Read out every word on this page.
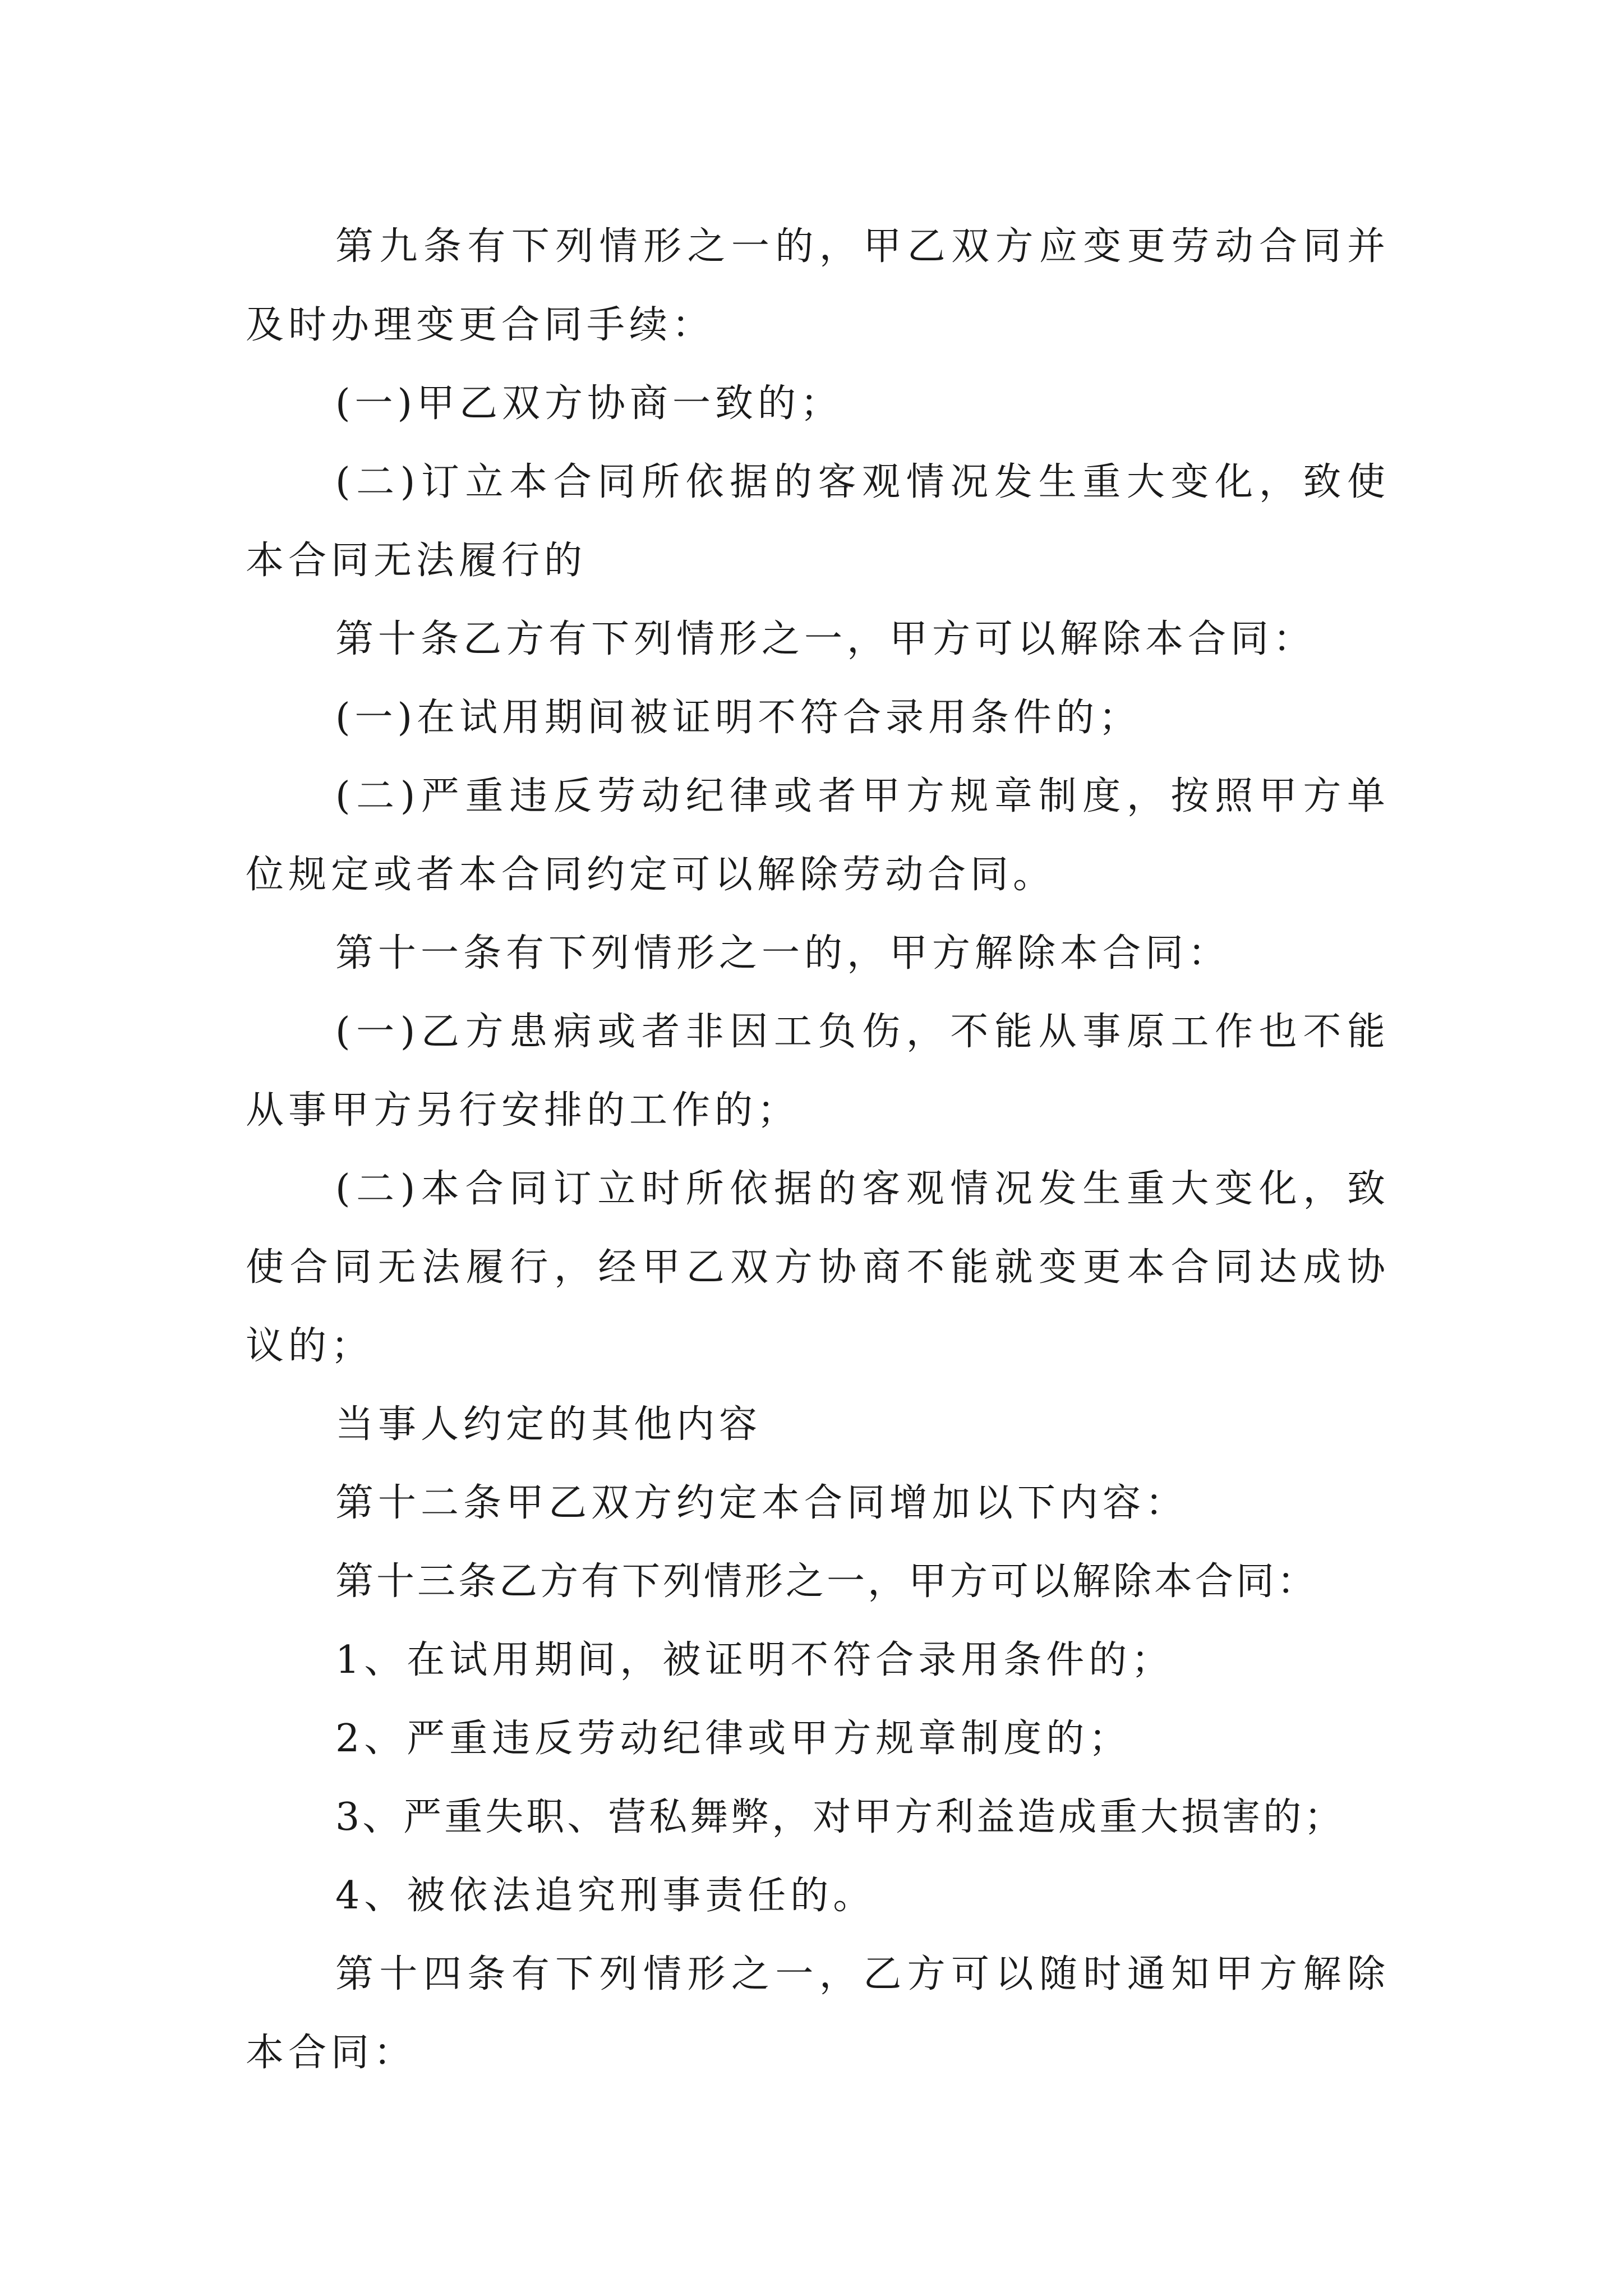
第九条有下列情形之一的，甲乙双方应变更劳动合同并及时办理变更合同手续：

(一)甲乙双方协商一致的；

(二)订立本合同所依据的客观情况发生重大变化，致使本合同无法履行的

第十条乙方有下列情形之一，甲方可以解除本合同：

(一)在试用期间被证明不符合录用条件的；

(二)严重违反劳动纪律或者甲方规章制度，按照甲方单位规定或者本合同约定可以解除劳动合同。

第十一条有下列情形之一的，甲方解除本合同：

(一)乙方患病或者非因工负伤，不能从事原工作也不能从事甲方另行安排的工作的；

(二)本合同订立时所依据的客观情况发生重大变化，致使合同无法履行，经甲乙双方协商不能就变更本合同达成协议的；

当事人约定的其他内容

第十二条甲乙双方约定本合同增加以下内容：

第十三条乙方有下列情形之一，甲方可以解除本合同：

1、在试用期间，被证明不符合录用条件的；

2、严重违反劳动纪律或甲方规章制度的；

3、严重失职、营私舞弊，对甲方利益造成重大损害的；

4、被依法追究刑事责任的。

第十四条有下列情形之一，乙方可以随时通知甲方解除本合同：
